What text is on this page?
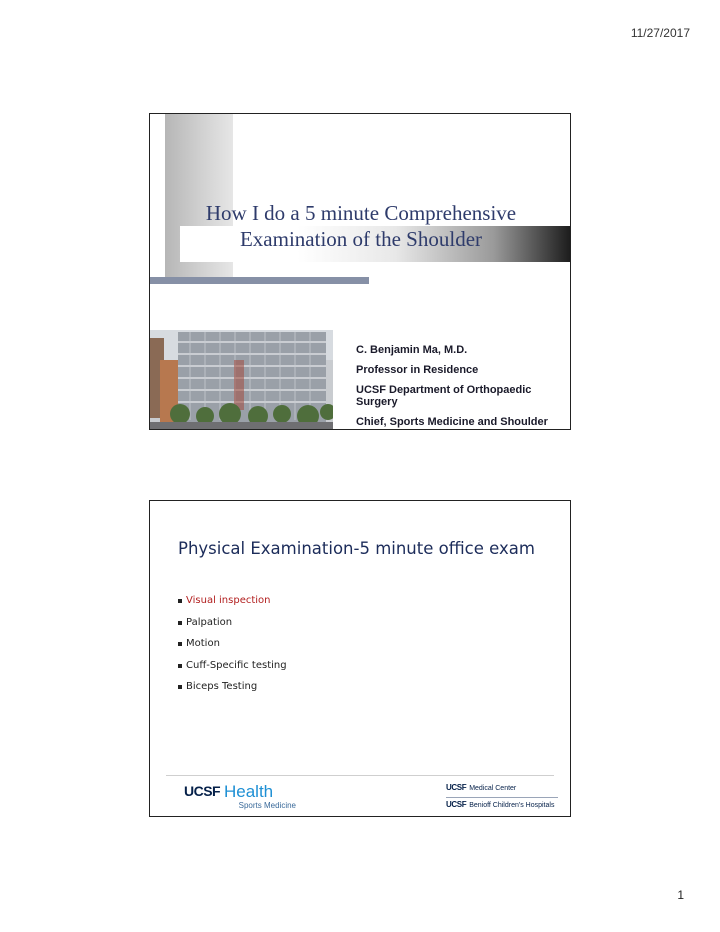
11/27/2017
How I do a 5 minute Comprehensive
Examination of the Shoulder
C. Benjamin Ma, M.D.
Professor in Residence
UCSF Department of Orthopaedic Surgery
Chief, Sports Medicine and Shoulder
Physical Examination-5 minute office exam
Visual inspection
Palpation
Motion
Cuff-Specific testing
Biceps Testing
UCSF Health
Sports Medicine
UCSF Medical Center
UCSF Benioff Children's Hospitals
1
